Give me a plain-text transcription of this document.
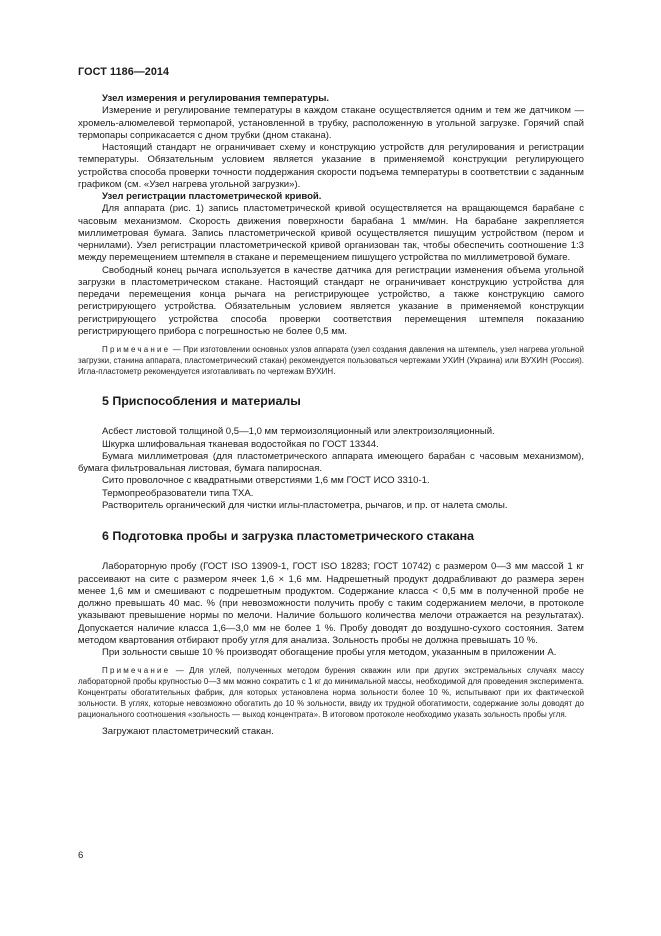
ГОСТ 1186—2014

Узел измерения и регулирования температуры.

Измерение и регулирование температуры в каждом стакане осуществляется одним и тем же датчиком — хромель-алюмелевой термопарой, установленной в трубку, расположенную в угольной загрузке. Горячий спай термопары соприкасается с дном трубки (дном стакана).

Настоящий стандарт не ограничивает схему и конструкцию устройств для регулирования и регистрации температуры. Обязательным условием является указание в применяемой конструкции регулирующего устройства способа проверки точности поддержания скорости подъема температуры в соответствии с заданным графиком (см. «Узел нагрева угольной загрузки»).

Узел регистрации пластометрической кривой.

Для аппарата (рис. 1) запись пластометрической кривой осуществляется на вращающемся барабане с часовым механизмом. Скорость движения поверхности барабана 1 мм/мин. На барабане закрепляется миллиметровая бумага. Запись пластометрической кривой осуществляется пишущим устройством (пером и чернилами). Узел регистрации пластометрической кривой организован так, чтобы обеспечить соотношение 1:3 между перемещением штемпеля в стакане и перемещением пишущего устройства по миллиметровой бумаге.

Свободный конец рычага используется в качестве датчика для регистрации изменения объема угольной загрузки в пластометрическом стакане. Настоящий стандарт не ограничивает конструкцию устройства для передачи перемещения конца рычага на регистрирующее устройство, а также конструкцию самого регистрирующего устройства. Обязательным условием является указание в применяемой конструкции регистрирующего устройства способа проверки соответствия перемещения штемпеля показанию регистрирующего прибора с погрешностью не более 0,5 мм.

Примечание — При изготовлении основных узлов аппарата (узел создания давления на штемпель, узел нагрева угольной загрузки, станина аппарата, пластометрический стакан) рекомендуется пользоваться чертежами УХИН (Украина) или ВУХИН (Россия). Игла-пластометр рекомендуется изготавливать по чертежам ВУХИН.

5 Приспособления и материалы

Асбест листовой толщиной 0,5—1,0 мм термоизоляционный или электроизоляционный.

Шкурка шлифовальная тканевая водостойкая по ГОСТ 13344.

Бумага миллиметровая (для пластометрического аппарата имеющего барабан с часовым механизмом), бумага фильтровальная листовая, бумага папиросная.

Сито проволочное с квадратными отверстиями 1,6 мм ГОСТ ИСО 3310-1.

Термопреобразователи типа ТХА.

Растворитель органический для чистки иглы-пластометра, рычагов, и пр. от налета смолы.

6 Подготовка пробы и загрузка пластометрического стакана

Лабораторную пробу (ГОСТ ISO 13909-1, ГОСТ ISO 18283; ГОСТ 10742) с размером 0—3 мм массой 1 кг рассеивают на сите с размером ячеек 1,6 × 1,6 мм. Надрешетный продукт додрабливают до размера зерен менее 1,6 мм и смешивают с подрешетным продуктом. Содержание класса < 0,5 мм в полученной пробе не должно превышать 40 мас. % (при невозможности получить пробу с таким содержанием мелочи, в протоколе указывают превышение нормы по мелочи. Наличие большого количества мелочи отражается на результатах). Допускается наличие класса 1,6—3,0 мм не более 1 %. Пробу доводят до воздушно-сухого состояния. Затем методом квартования отбирают пробу угля для анализа. Зольность пробы не должна превышать 10 %.

При зольности свыше 10 % производят обогащение пробы угля методом, указанным в приложении А.

Примечание — Для углей, полученных методом бурения скважин или при других экстремальных случаях массу лабораторной пробы крупностью 0—3 мм можно сократить с 1 кг до минимальной массы, необходимой для проведения эксперимента. Концентраты обогатительных фабрик, для которых установлена норма зольности более 10 %, испытывают при их фактической зольности. В углях, которые невозможно обогатить до 10 % зольности, ввиду их трудной обогатимости, содержание золы доводят до рационального соотношения «зольность — выход концентрата». В итоговом протоколе необходимо указать зольность пробы угля.

Загружают пластометрический стакан.

6
